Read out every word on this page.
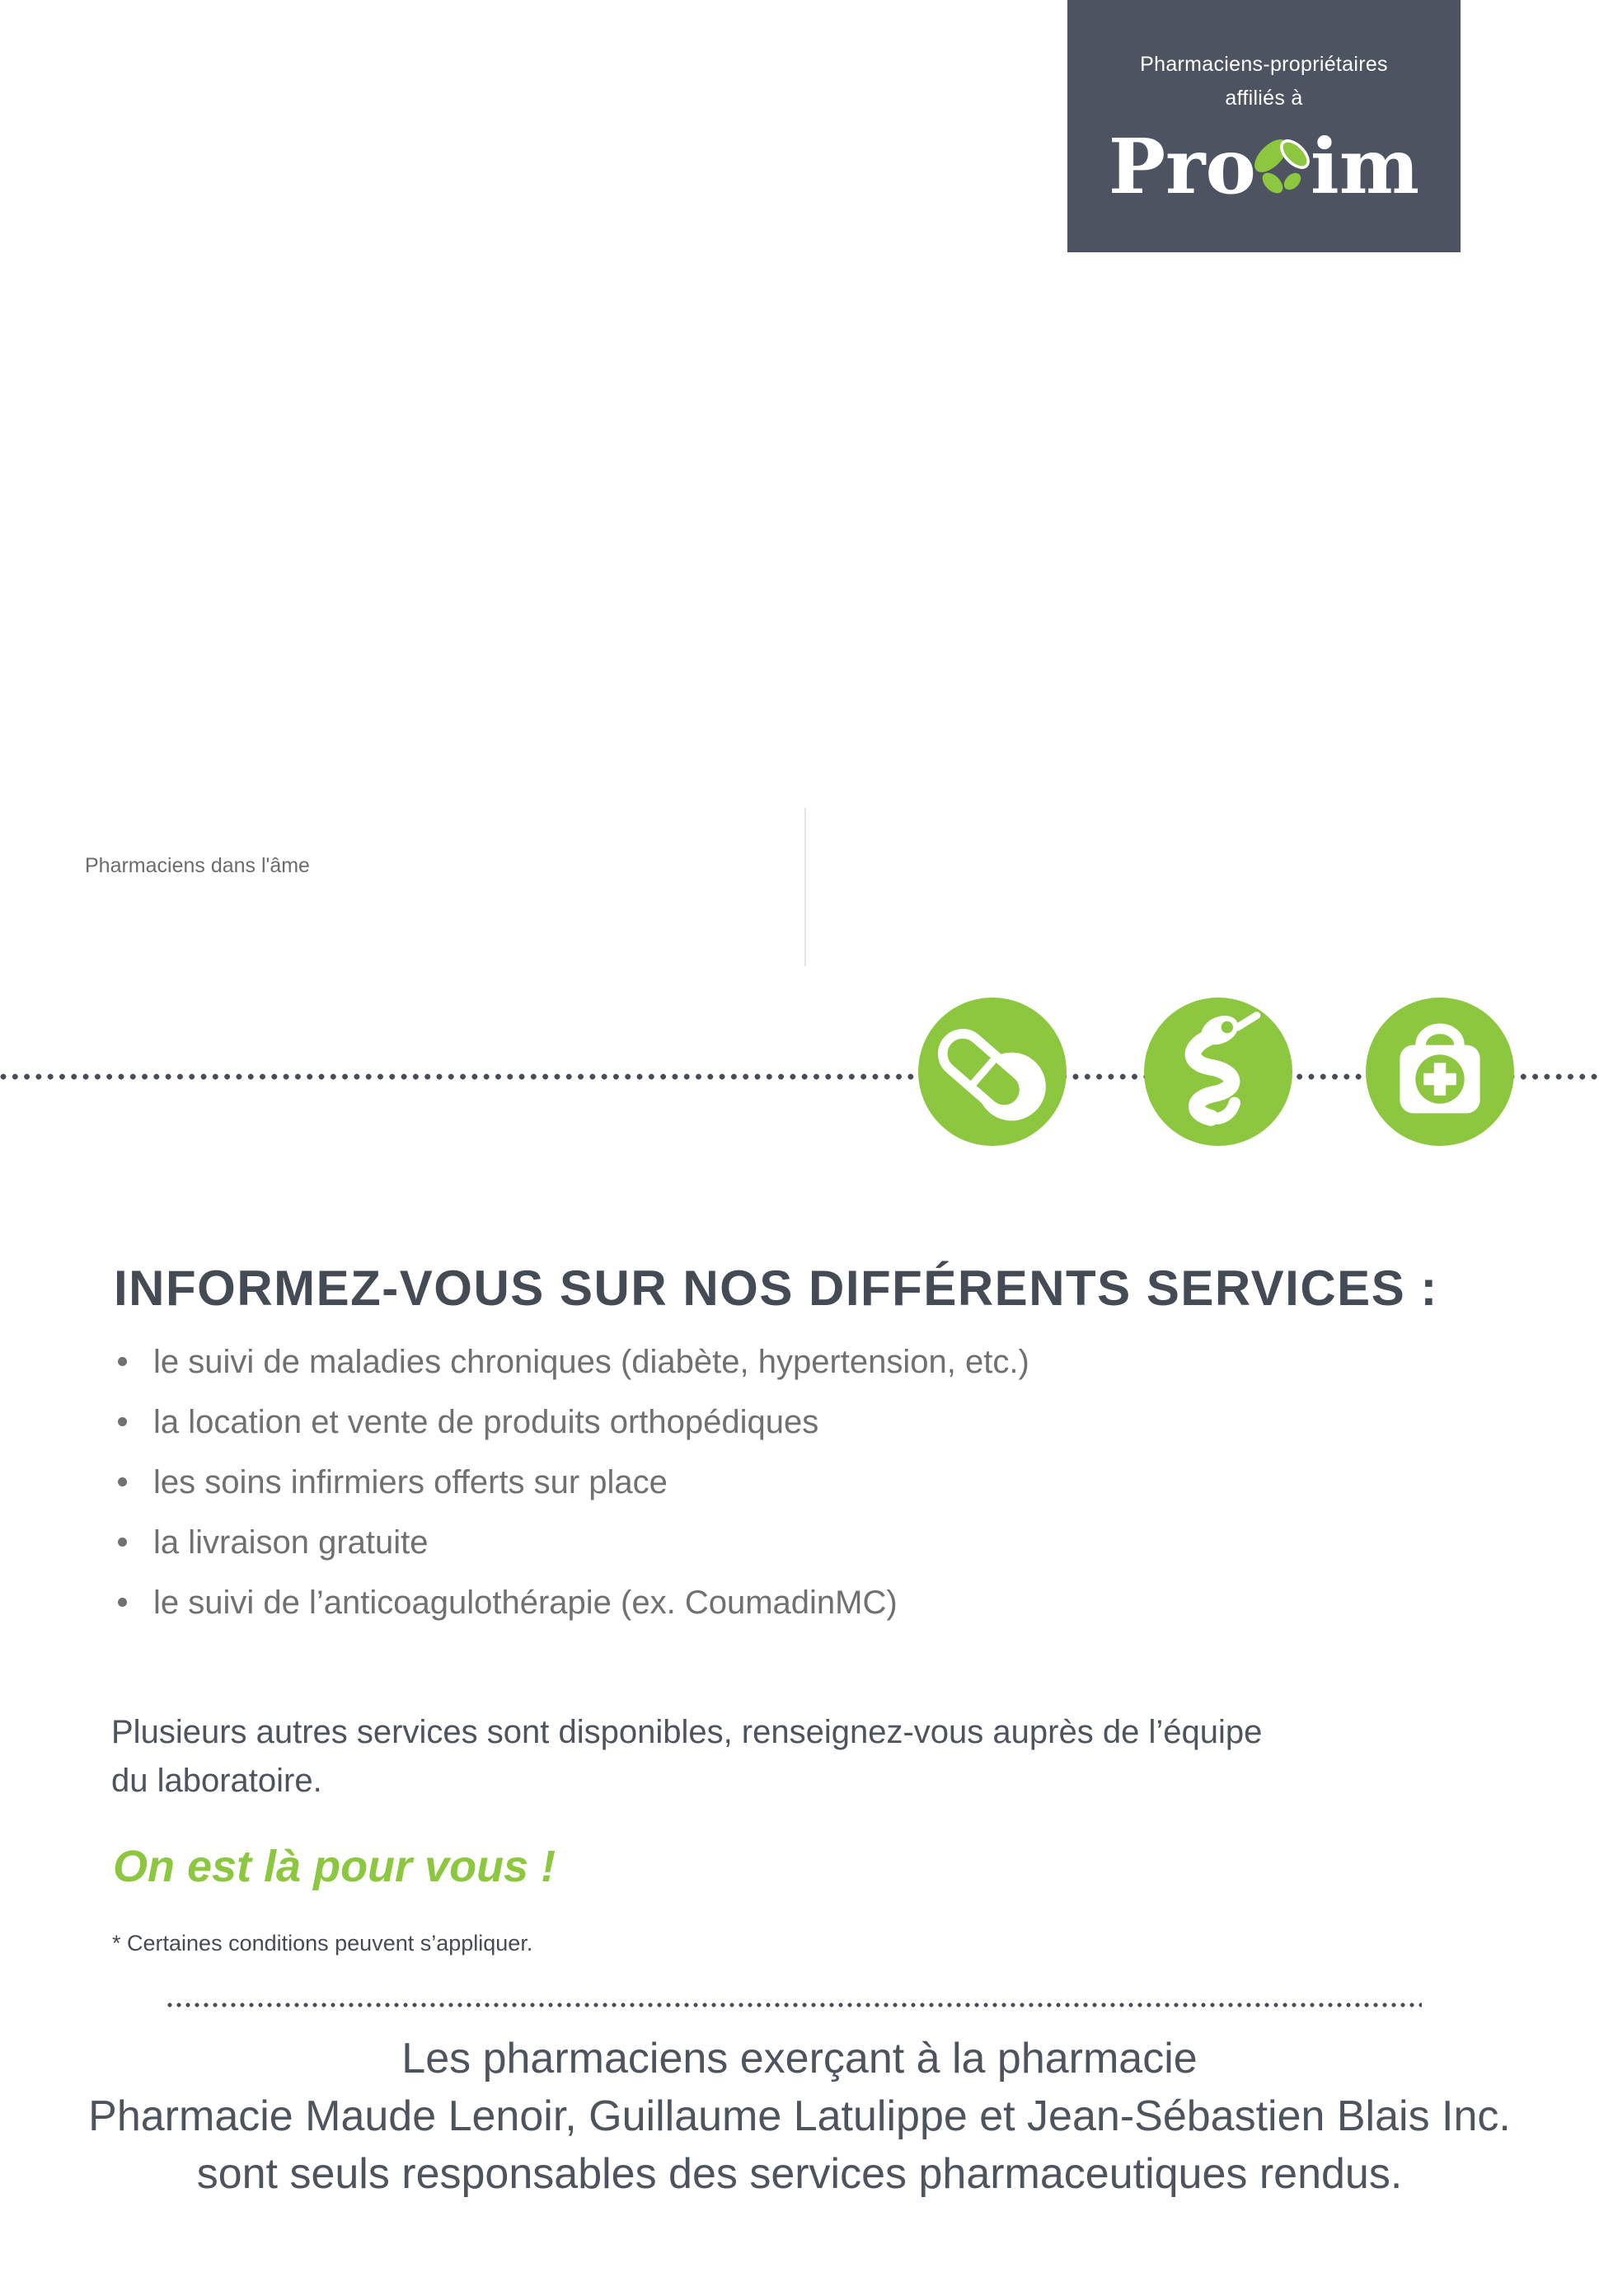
Pharmaciens-propriétaires
affiliés à
Pro im
Pharmaciens dans l'âme
INFORMEZ-VOUS SUR NOS DIFFÉRENTS SERVICES :
le suivi de maladies chroniques (diabète, hypertension, etc.)
la location et vente de produits orthopédiques
les soins infirmiers offerts sur place
la livraison gratuite
le suivi de l’anticoagulothérapie (ex. CoumadinMC)

Plusieurs autres services sont disponibles, renseignez-vous auprès de l’équipe
du laboratoire.

On est là pour vous !
* Certaines conditions peuvent s’appliquer.
Les pharmaciens exerçant à la pharmacie
Pharmacie Maude Lenoir, Guillaume Latulippe et Jean-Sébastien Blais Inc.
sont seuls responsables des services pharmaceutiques rendus.
